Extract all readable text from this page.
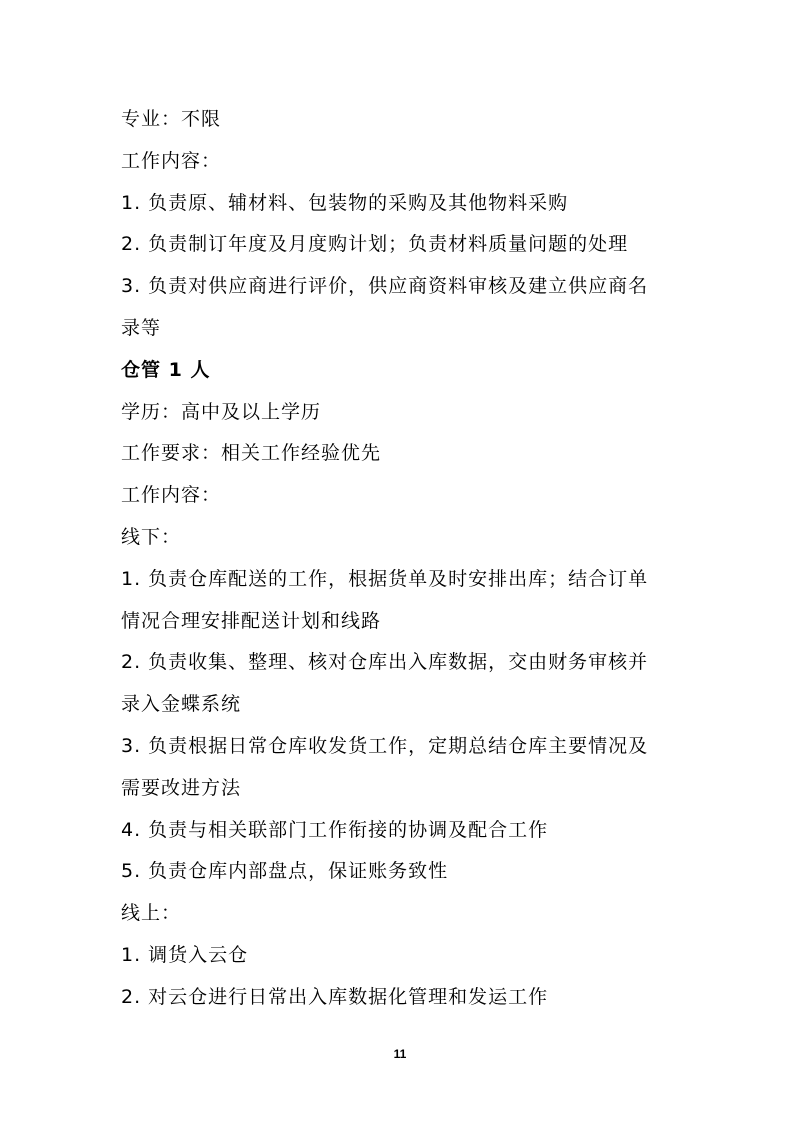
专业：不限
工作内容：
1. 负责原、辅材料、包装物的采购及其他物料采购
2. 负责制订年度及月度购计划；负责材料质量问题的处理
3. 负责对供应商进行评价，供应商资料审核及建立供应商名
录等
仓管 1 人
学历：高中及以上学历
工作要求：相关工作经验优先
工作内容：
线下：
1. 负责仓库配送的工作，根据货单及时安排出库；结合订单
情况合理安排配送计划和线路
2. 负责收集、整理、核对仓库出入库数据，交由财务审核并
录入金蝶系统
3. 负责根据日常仓库收发货工作，定期总结仓库主要情况及
需要改进方法
4. 负责与相关联部门工作衔接的协调及配合工作
5. 负责仓库内部盘点，保证账务致性
线上：
1. 调货入云仓
2. 对云仓进行日常出入库数据化管理和发运工作
11
